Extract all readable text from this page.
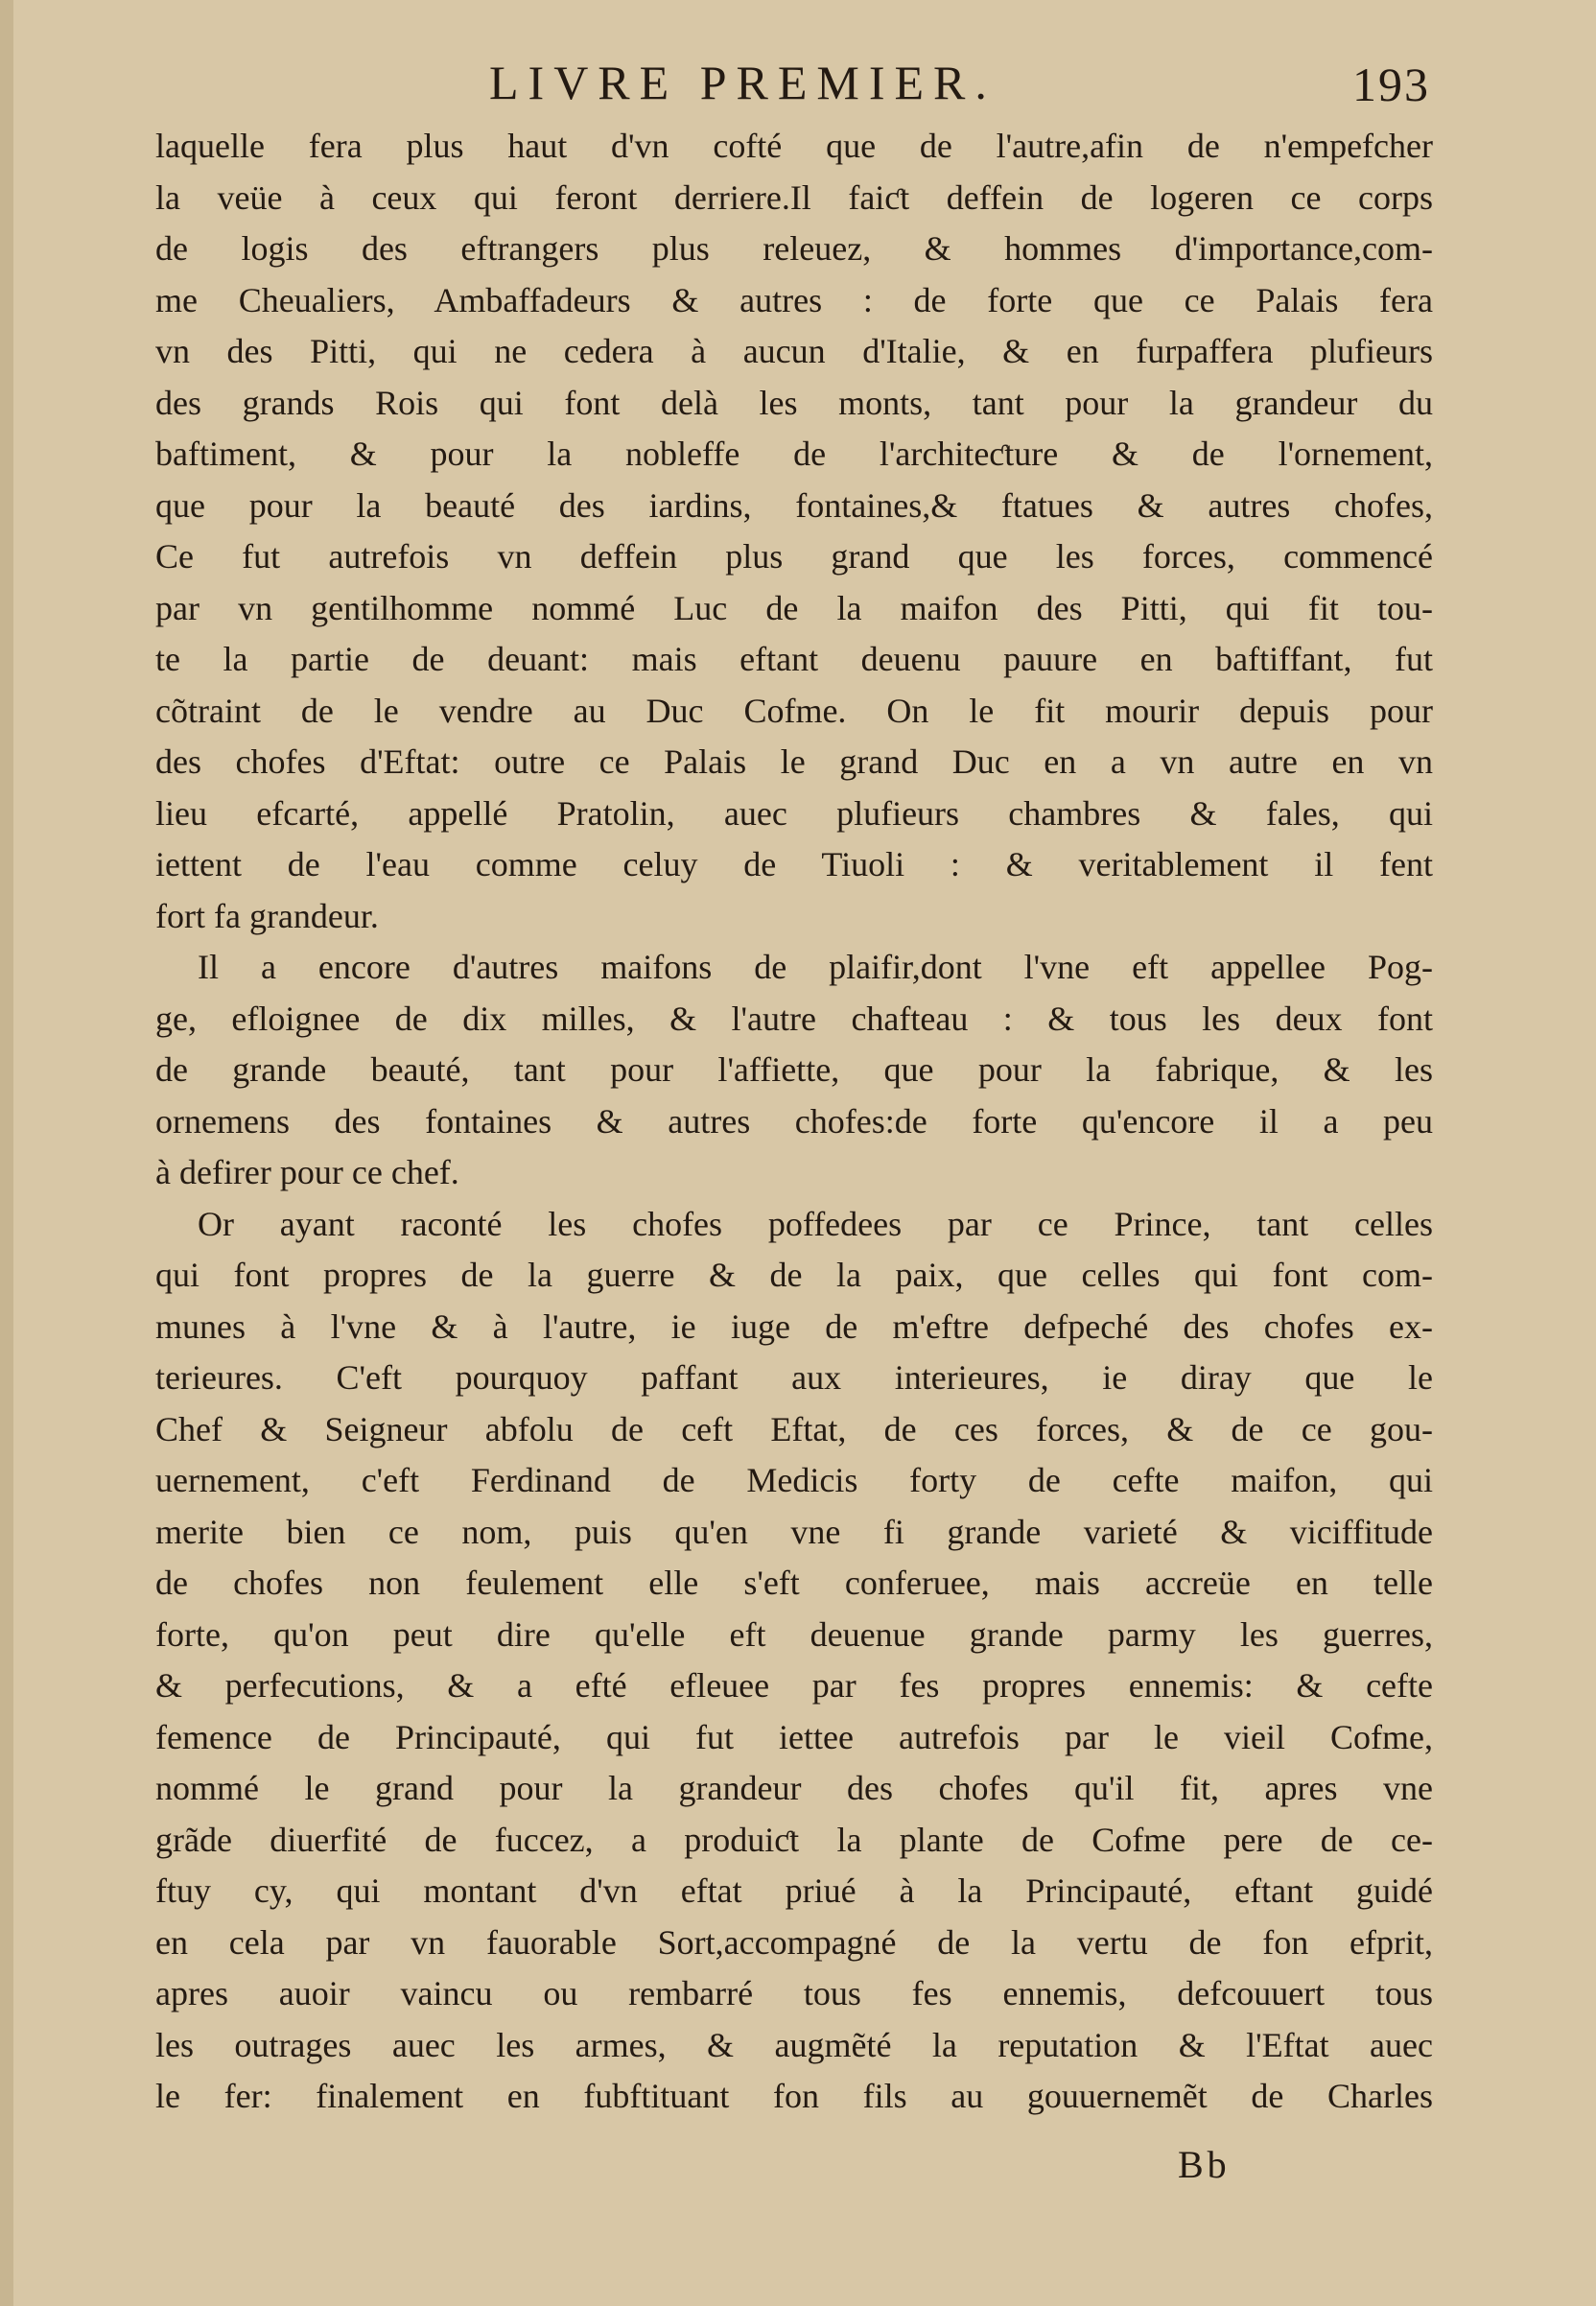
LIVRE PREMIER.	193
laquelle fera plus haut d'vn cofté que de l'autre,afin de n'empefcher
la veüe à ceux qui feront derriere.Il faiƈt deffein de logeren ce corps
de logis des eftrangers plus releuez, & hommes d'importance,com-
me Cheualiers, Ambaffadeurs & autres : de forte que ce Palais fera
vn des Pitti, qui ne cedera à aucun d'Italie, & en furpaffera plufieurs
des grands Rois qui font delà les monts, tant pour la grandeur du
baftiment, & pour la nobleffe de l'architeƈture & de l'ornement,
que pour la beauté des iardins, fontaines,& ftatues & autres chofes,
Ce fut autrefois vn deffein plus grand que les forces, commencé
par vn gentilhomme nommé Luc de la maifon des Pitti, qui fit tou-
te la partie de deuant: mais eftant deuenu pauure en baftiffant, fut
cõtraint de le vendre au Duc Cofme. On le fit mourir depuis pour
des chofes d'Eftat: outre ce Palais le grand Duc en a vn autre en vn
lieu efcarté, appellé Pratolin, auec plufieurs chambres & fales, qui
iettent de l'eau comme celuy de Tiuoli : & veritablement il fent
fort fa grandeur.
Il a encore d'autres maifons de plaifir,dont l'vne eft appellee Pog-
ge, efloignee de dix milles, & l'autre chafteau : & tous les deux font
de grande beauté, tant pour l'affiette, que pour la fabrique, & les
ornemens des fontaines & autres chofes:de forte qu'encore il a peu
à defirer pour ce chef.
Or ayant raconté les chofes poffedees par ce Prince, tant celles
qui font propres de la guerre & de la paix, que celles qui font com-
munes à l'vne & à l'autre, ie iuge de m'eftre defpeché des chofes ex-
terieures. C'eft pourquoy paffant aux interieures, ie diray que le
Chef & Seigneur abfolu de ceft Eftat, de ces forces, & de ce gou-
uernement, c'eft Ferdinand de Medicis forty de cefte maifon, qui
merite bien ce nom, puis qu'en vne fi grande varieté & viciffitude
de chofes non feulement elle s'eft conferuee, mais accreüe en telle
forte, qu'on peut dire qu'elle eft deuenue grande parmy les guerres,
& perfecutions, & a efté efleuee par fes propres ennemis: & cefte
femence de Principauté, qui fut iettee autrefois par le vieil Cofme,
nommé le grand pour la grandeur des chofes qu'il fit, apres vne
grãde diuerfité de fuccez, a produiƈt la plante de Cofme pere de ce-
ftuy cy, qui montant d'vn eftat priué à la Principauté, eftant guidé
en cela par vn fauorable Sort,accompagné de la vertu de fon efprit,
apres auoir vaincu ou rembarré tous fes ennemis, defcouuert tous
les outrages auec les armes, & augmẽté la reputation & l'Eftat auec
le fer: finalement en fubftituant fon fils au gouuernemẽt de Charles
Bb
